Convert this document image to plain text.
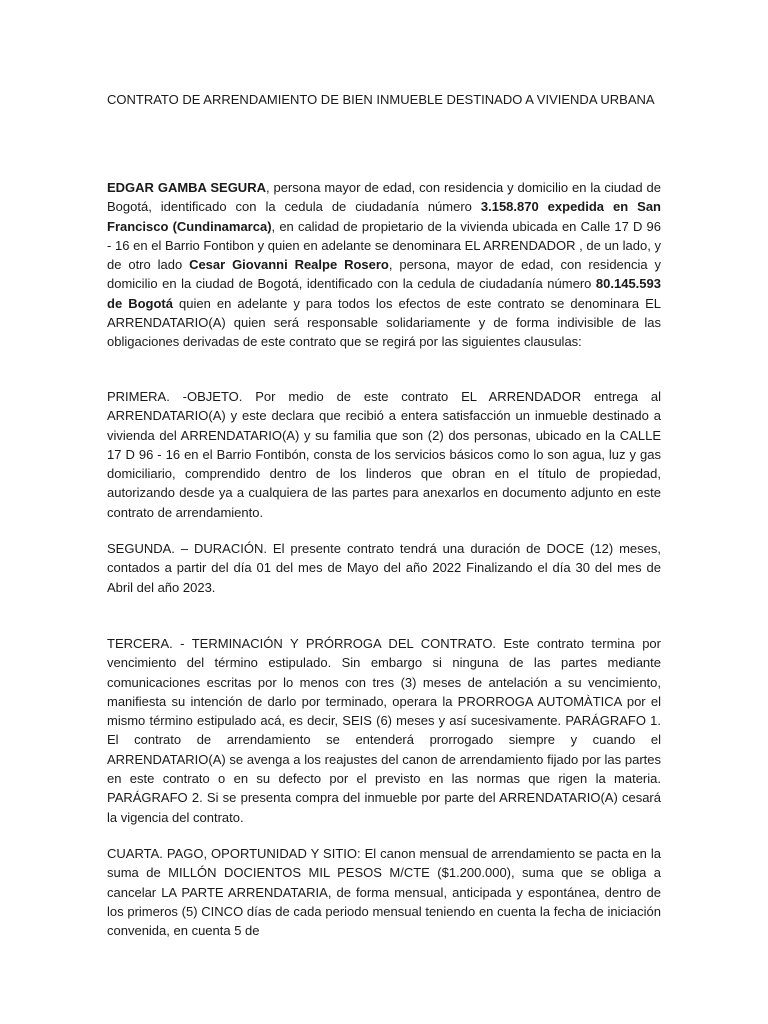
CONTRATO DE ARRENDAMIENTO DE BIEN INMUEBLE DESTINADO A VIVIENDA URBANA

EDGAR GAMBA SEGURA, persona mayor de edad, con residencia y domicilio en la ciudad de Bogotá, identificado con la cedula de ciudadanía número 3.158.870 expedida en San Francisco (Cundinamarca), en calidad de propietario de la vivienda ubicada en Calle 17 D 96 - 16 en el Barrio Fontibon y quien en adelante se denominara EL ARRENDADOR , de un lado, y de otro lado Cesar Giovanni Realpe Rosero, persona, mayor de edad, con residencia y domicilio en la ciudad de Bogotá, identificado con la cedula de ciudadanía número 80.145.593 de Bogotá quien en adelante y para todos los efectos de este contrato se denominara EL ARRENDATARIO(A) quien será responsable solidariamente y de forma indivisible de las obligaciones derivadas de este contrato que se regirá por las siguientes clausulas:

PRIMERA. -OBJETO. Por medio de este contrato EL ARRENDADOR entrega al ARRENDATARIO(A) y este declara que recibió a entera satisfacción un inmueble destinado a vivienda del ARRENDATARIO(A) y su familia que son (2) dos personas, ubicado en la CALLE 17 D 96 - 16 en el Barrio Fontibón, consta de los servicios básicos como lo son agua, luz y gas domiciliario, comprendido dentro de los linderos que obran en el título de propiedad, autorizando desde ya a cualquiera de las partes para anexarlos en documento adjunto en este contrato de arrendamiento.

SEGUNDA. – DURACIÓN. El presente contrato tendrá una duración de DOCE (12) meses, contados a partir del día 01 del mes de Mayo del año 2022 Finalizando el día 30 del mes de Abril del año 2023.

TERCERA. - TERMINACIÓN Y PRÓRROGA DEL CONTRATO. Este contrato termina por vencimiento del término estipulado. Sin embargo si ninguna de las partes mediante comunicaciones escritas por lo menos con tres (3) meses de antelación a su vencimiento, manifiesta su intención de darlo por terminado, operara la PRORROGA AUTOMÀTICA por el mismo término estipulado acá, es decir, SEIS (6) meses y así sucesivamente. PARÁGRAFO 1. El contrato de arrendamiento se entenderá prorrogado siempre y cuando el ARRENDATARIO(A) se avenga a los reajustes del canon de arrendamiento fijado por las partes en este contrato o en su defecto por el previsto en las normas que rigen la materia. PARÁGRAFO 2. Si se presenta compra del inmueble por parte del ARRENDATARIO(A) cesará la vigencia del contrato.

CUARTA. PAGO, OPORTUNIDAD Y SITIO: El canon mensual de arrendamiento se pacta en la suma de MILLÓN DOCIENTOS MIL PESOS M/CTE ($1.200.000), suma que se obliga a cancelar LA PARTE ARRENDATARIA, de forma mensual, anticipada y espontánea, dentro de los primeros (5) CINCO días de cada periodo mensual teniendo en cuenta la fecha de iniciación convenida, en cuenta 5 de
